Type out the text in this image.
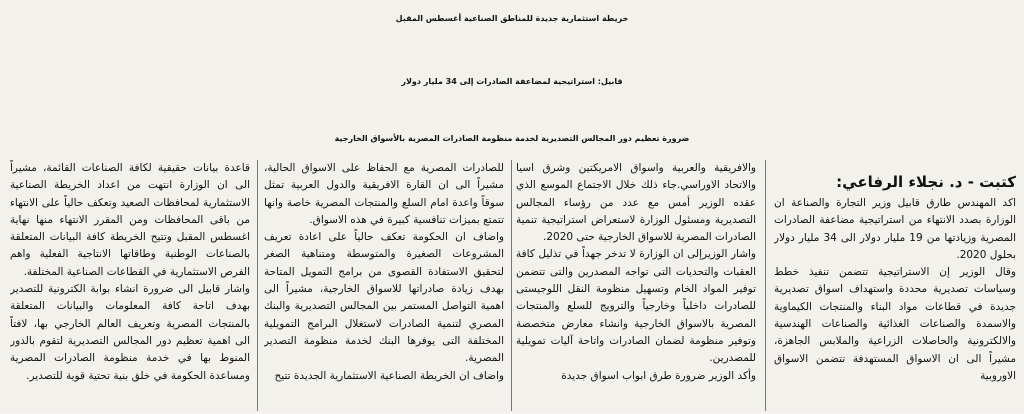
خريطة استثمارية جديدة للمناطق الصناعية أغسطس المقبل
قابيل: استراتيجية لمضاعفة الصادرات إلى 34 مليار دولار
ضرورة تعظيم دور المجالس التصديرية لخدمة منظومة الصادرات المصرية بالأسواق الخارجية
كتبت - د. نجلاء الرفاعي:

اكد المهندس طارق قابيل وزير التجارة والصناعة ان الوزارة بصدد الانتهاء من استراتيجية مضاعفة الصادرات المصرية وزيادتها من 19 مليار دولار الى 34 مليار دولار بحلول 2020.

وقال الوزير إن الاستراتيجية تتضمن تنفيذ خطط وسياسات تصديرية محددة واستهداف اسواق تصديرية جديدة في قطاعات مواد البناء والمنتجات الكيماوية والاسمدة والصناعات الغذائية والصناعات الهندسية والالكترونية والحاصلات الزراعية والملابس الجاهزة، مشيراً الى ان الاسواق المستهدفة تتضمن الاسواق الاوروبية

والافريقية والعربية واسواق الامريكتين وشرق اسيا والاتحاد الاوراسي.جاء ذلك خلال الاجتماع الموسع الذي عقده الوزير أمس مع عدد من رؤساء المجالس التصديرية ومسئول الوزارة لاستعراض استراتيجية تنمية الصادرات المصرية للاسواق الخارجية حتى 2020.

واشار الوزيرإلى ان الوزارة لا تدخر جهداً في تذليل كافة العقبات والتحديات التى تواجه المصدرين والتى تتضمن توفير المواد الخام وتسهيل منظومة النقل اللوجيستى للصادرات داخلياً وخارجياً والترويج للسلع والمنتجات المصرية بالاسواق الخارجية وانشاء معارض متخصصة وتوفير منظومة لضمان الصادرات واتاحة آليات تمويلية للمصدرين.

وأكد الوزير ضرورة طرق ابواب اسواق جديدة

للصادرات المصرية مع الحفاظ على الاسواق الحالية، مشيراً الى ان القارة الافريقية والدول العربية تمثل سوقاً واعدة امام السلع والمنتجات المصرية خاصة وانها تتمتع بميزات تنافسية كبيرة في هذه الاسواق.

واضاف ان الحكومة تعكف حالياً على اعادة تعريف المشروعات الصغيرة والمتوسطة ومتناهية الصغر لتحقيق الاستفادة القصوى من برامج التمويل المتاحة بهدف زيادة صادراتها للاسواق الخارجية، مشيراً الى اهمية التواصل المستمر بين المجالس التصديرية والبنك المصري لتنمية الصادرات لاستغلال البرامج التمويلية المختلفة التى يوفرها البنك لخدمة منظومة التصدير المصرية.

واضاف ان الخريطة الصناعية الاستثمارية الجديدة تتيح

قاعدة بيانات حقيقية لكافة الصناعات القائمة، مشيراً الى ان الوزارة انتهت من اعداد الخريطة الصناعية الاستثمارية لمحافظات الصعيد وتعكف حالياً على الانتهاء من باقى المحافظات ومن المقرر الانتهاء منها نهاية اغسطس المقبل وتتيح الخريطة كافة البيانات المتعلقة بالصناعات الوطنية وطاقاتها الانتاجية الفعلية واهم الفرص الاستثمارية في القطاعات الصناعية المختلفة.

واشار قابيل الى ضرورة انشاء بوابة الكترونية للتصدير بهدف اتاحة كافة المعلومات والبيانات المتعلقة بالمنتجات المصرية وتعريف العالم الخارجي بها، لافتاً الى اهمية تعظيم دور المجالس التصديرية لتقوم بالدور المنوط بها في خدمة منظومة الصادرات المصرية ومساعدة الحكومة في خلق بنية تحتية قوية للتصدير.
